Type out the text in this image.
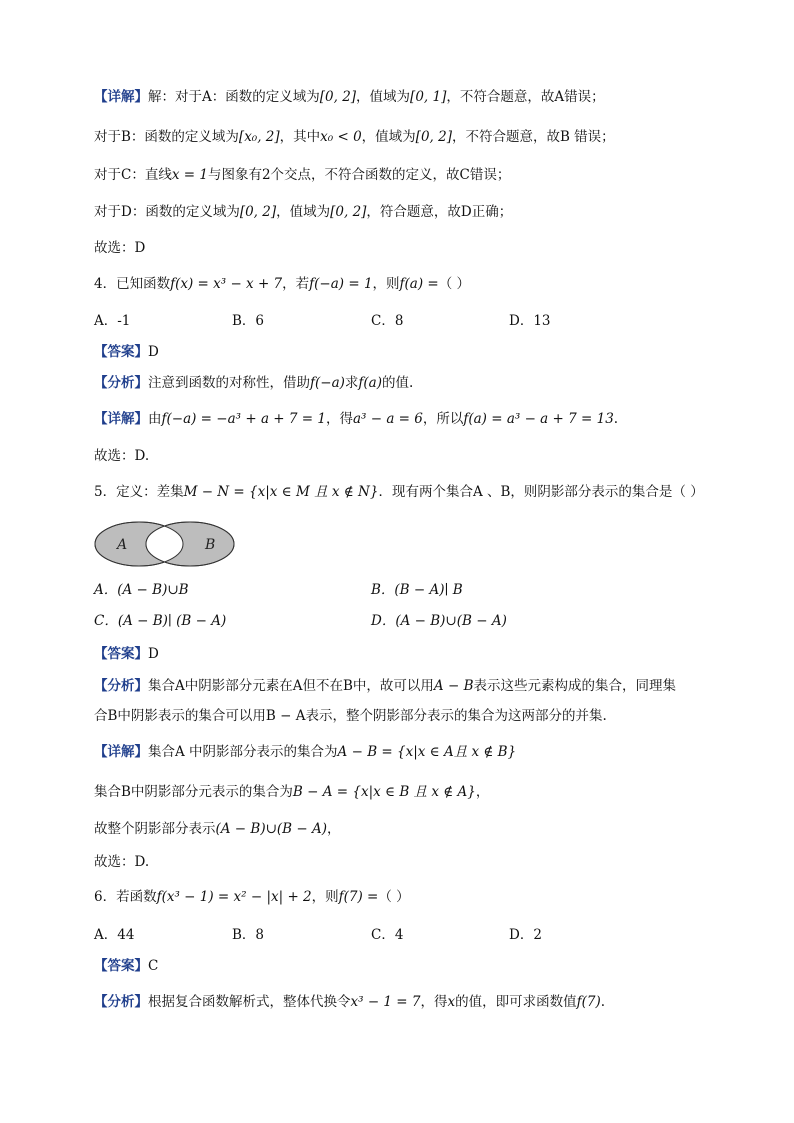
【详解】解：对于A：函数的定义域为[0, 2]，值域为[0, 1]，不符合题意，故A错误；
对于B：函数的定义域为[x₀, 2]，其中x₀ < 0，值域为[0, 2]，不符合题意，故B 错误；
对于C：直线x = 1与图象有2个交点，不符合函数的定义，故C错误；
对于D：函数的定义域为[0, 2]，值域为[0, 2]，符合题意，故D正确；
故选：D
4．已知函数f(x) = x³ − x + 7，若f(−a) = 1，则f(a) =（ ）
A．-1	B．6	C．8	D．13
【答案】D
【分析】注意到函数的对称性，借助f(−a)求f(a)的值.
【详解】由f(−a) = −a³ + a + 7 = 1，得a³ − a = 6，所以f(a) = a³ − a + 7 = 13.
故选：D.
5．定义：差集M − N = {x|x ∈ M 且 x ∉ N}．现有两个集合A 、B，则阴影部分表示的集合是（ ）
A	B
A．(A − B)∪B	B．(B − A)∣ B
C．(A − B)∣ (B − A)	D．(A − B)∪(B − A)
【答案】D
【分析】集合A中阴影部分元素在A但不在B中，故可以用A − B表示这些元素构成的集合，同理集
合B中阴影表示的集合可以用B − A表示，整个阴影部分表示的集合为这两部分的并集.
【详解】集合A 中阴影部分表示的集合为A − B = {x|x ∈ A且 x ∉ B}
集合B中阴影部分元表示的集合为B − A = {x|x ∈ B 且 x ∉ A}，
故整个阴影部分表示(A − B)∪(B − A)，
故选：D.
6．若函数f(x³ − 1) = x² − |x| + 2，则f(7) =（ ）
A．44	B．8	C．4	D．2
【答案】C
【分析】根据复合函数解析式，整体代换令x³ − 1 = 7，得x的值，即可求函数值f(7).
